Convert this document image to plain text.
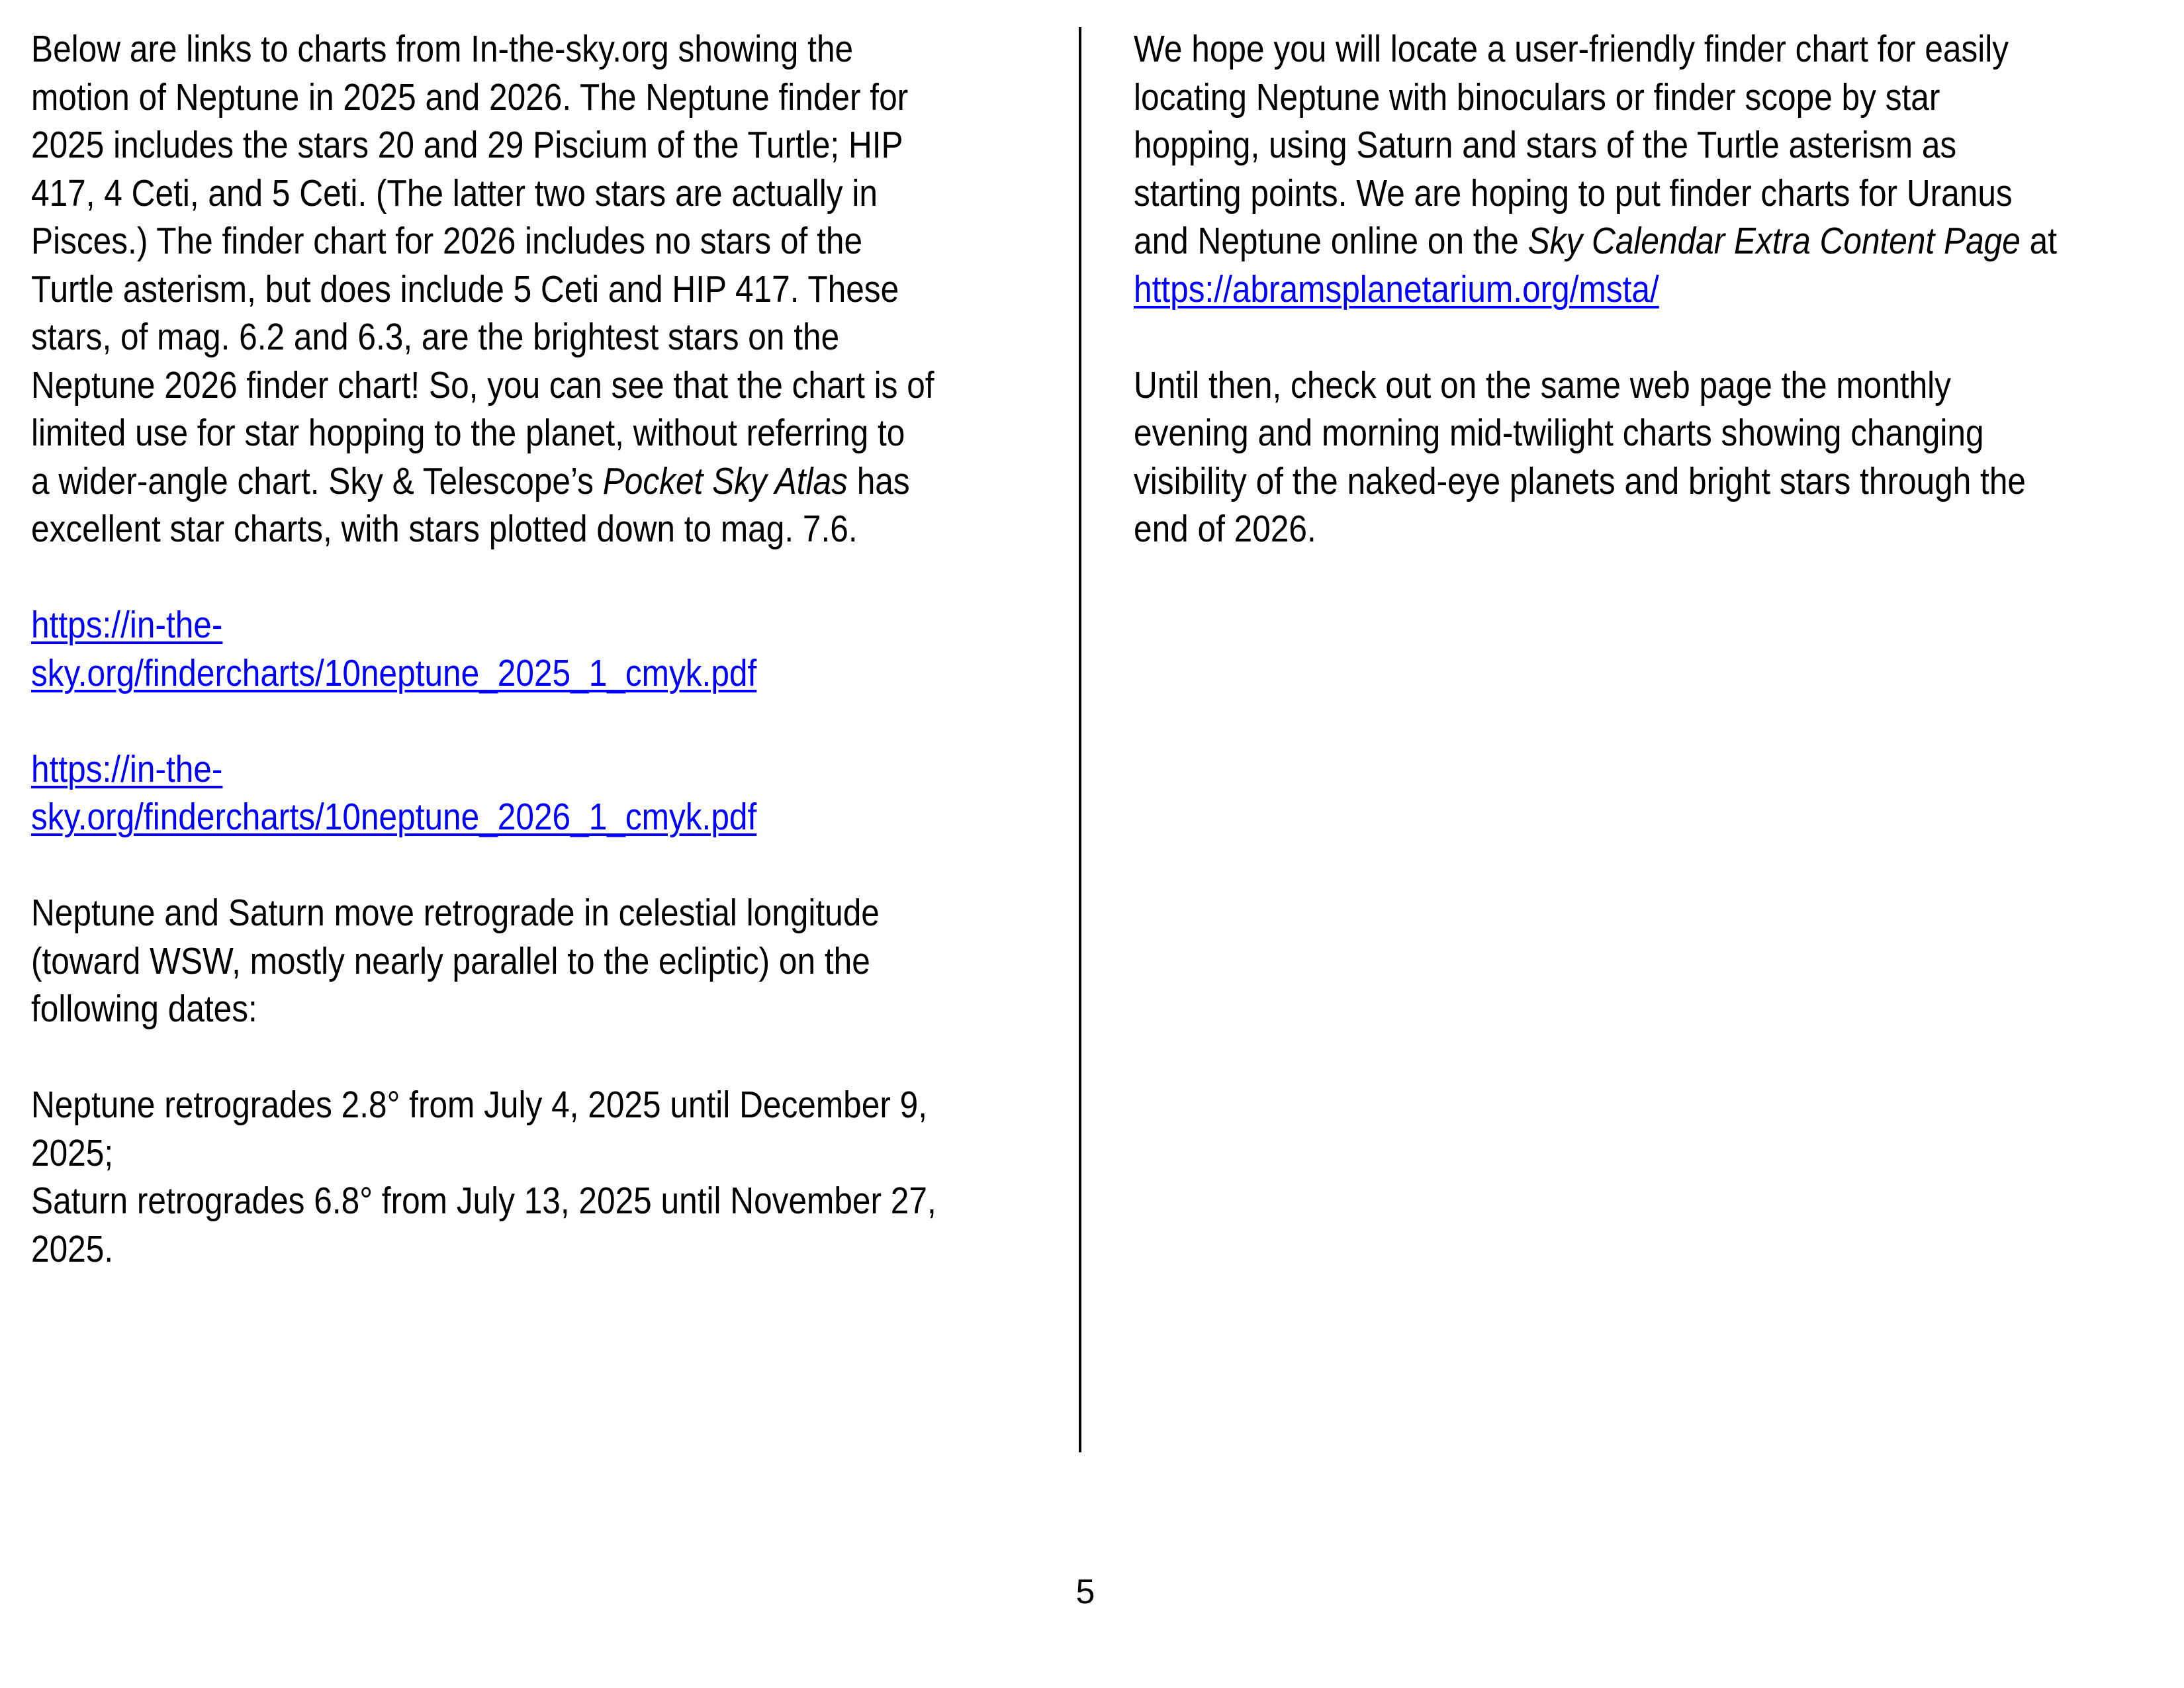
Below are links to charts from In-the-sky.org showing the
motion of Neptune in 2025 and 2026. The Neptune finder for
2025 includes the stars 20 and 29 Piscium of the Turtle; HIP
417, 4 Ceti, and 5 Ceti. (The latter two stars are actually in
Pisces.) The finder chart for 2026 includes no stars of the
Turtle asterism, but does include 5 Ceti and HIP 417. These
stars, of mag. 6.2 and 6.3, are the brightest stars on the
Neptune 2026 finder chart! So, you can see that the chart is of
limited use for star hopping to the planet, without referring to
a wider-angle chart. Sky & Telescope’s Pocket Sky Atlas has
excellent star charts, with stars plotted down to mag. 7.6.
https://in-the-
sky.org/findercharts/10neptune_2025_1_cmyk.pdf
https://in-the-
sky.org/findercharts/10neptune_2026_1_cmyk.pdf
Neptune and Saturn move retrograde in celestial longitude
(toward WSW, mostly nearly parallel to the ecliptic) on the
following dates:
Neptune retrogrades 2.8° from July 4, 2025 until December 9,
2025;
Saturn retrogrades 6.8° from July 13, 2025 until November 27,
2025.
We hope you will locate a user-friendly finder chart for easily
locating Neptune with binoculars or finder scope by star
hopping, using Saturn and stars of the Turtle asterism as
starting points. We are hoping to put finder charts for Uranus
and Neptune online on the Sky Calendar Extra Content Page at
https://abramsplanetarium.org/msta/
Until then, check out on the same web page the monthly
evening and morning mid-twilight charts showing changing
visibility of the naked-eye planets and bright stars through the
end of 2026.
5
